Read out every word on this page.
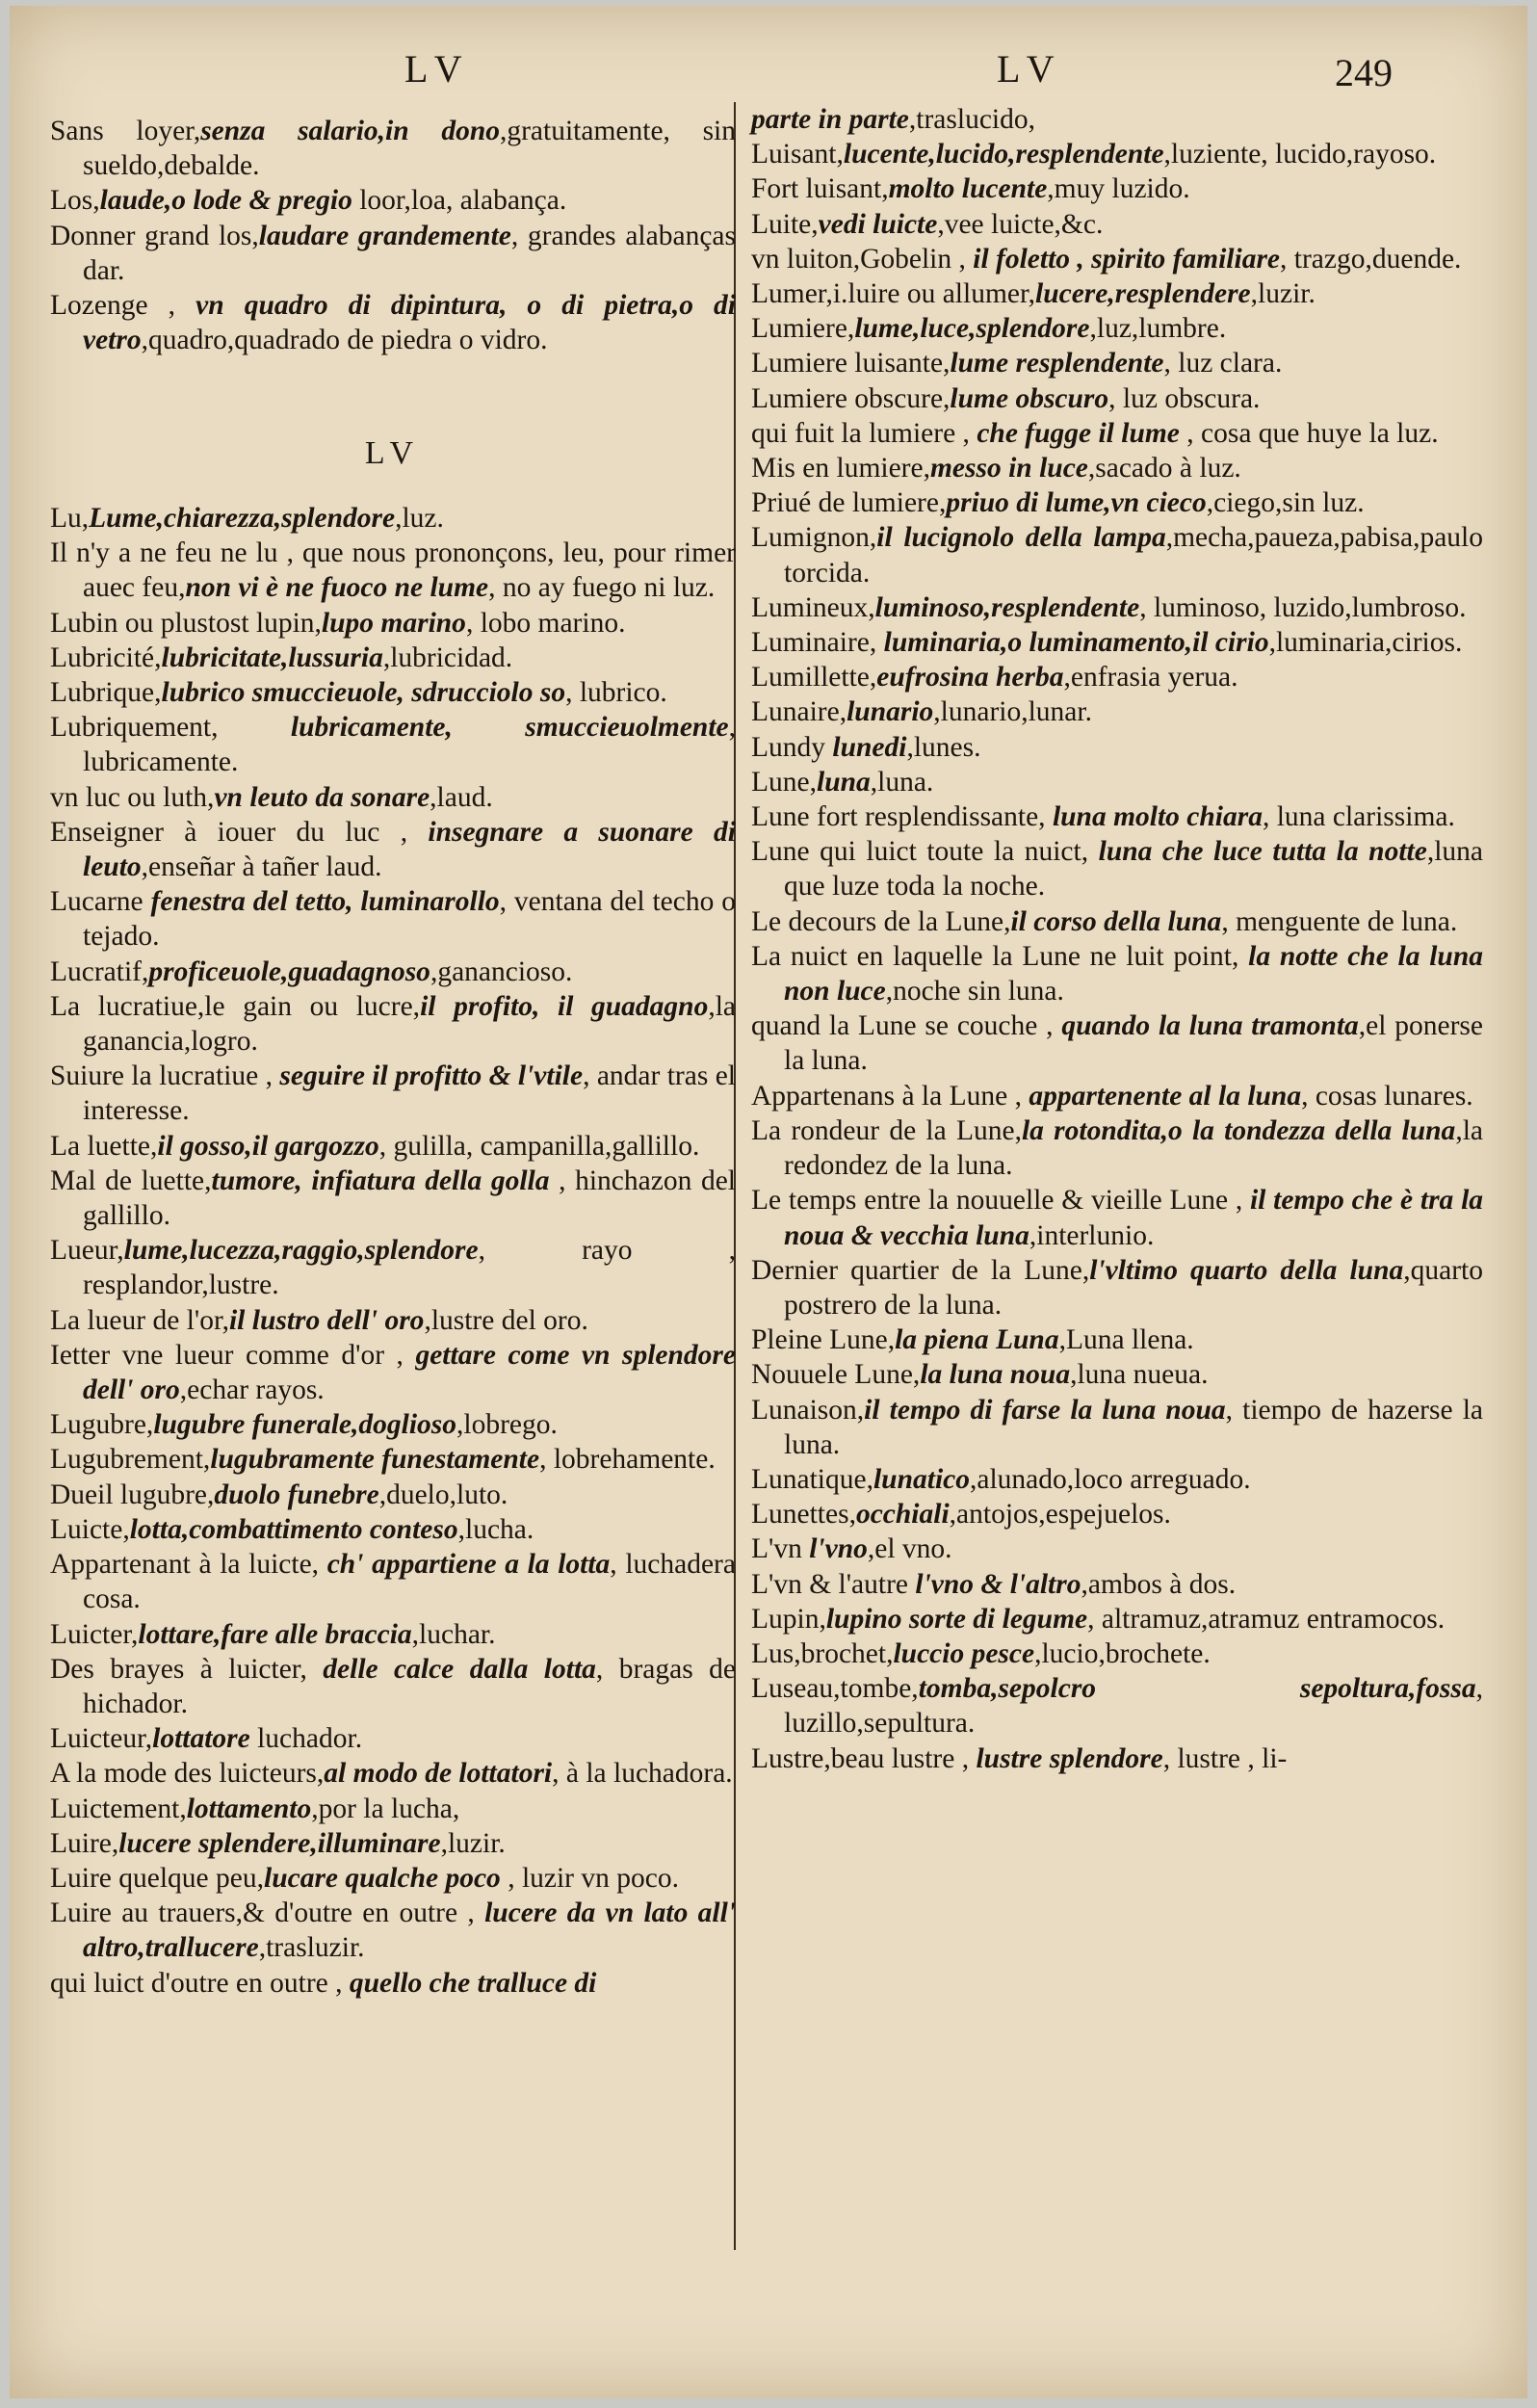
LV	LV	249

Sans loyer,senza salario,in dono,gratuitamente, sin sueldo,debalde.

Los,laude,o lode & pregio loor,loa, alabança.

Donner grand los,laudare grandemente, grandes alabanças dar.

Lozenge , vn quadro di dipintura, o di pietra,o di vetro,quadro,quadrado de piedra o vidro.

LV

Lu,Lume,chiarezza,splendore,luz.

Il n'y a ne feu ne lu , que nous prononçons, leu, pour rimer auec feu,non vi è ne fuoco ne lume, no ay fuego ni luz.

Lubin ou plustost lupin,lupo marino, lobo marino.

Lubricité,lubricitate,lussuria,lubricidad.

Lubrique,lubrico smuccieuole, sdrucciolo so, lubrico.

Lubriquement, lubricamente, smuccieuolmente, lubricamente.

vn luc ou luth,vn leuto da sonare,laud.

Enseigner à iouer du luc , insegnare a suonare di leuto,enseñar à tañer laud.

Lucarne fenestra del tetto, luminarollo, ventana del techo o tejado.

Lucratif,proficeuole,guadagnoso,ganancioso.

La lucratiue,le gain ou lucre,il profito, il guadagno,la ganancia,logro.

Suiure la lucratiue , seguire il profitto & l'vtile, andar tras el interesse.

La luette,il gosso,il gargozzo, gulilla, campanilla,gallillo.

Mal de luette,tumore, infiatura della golla , hinchazon del gallillo.

Lueur,lume,lucezza,raggio,splendore, rayo , resplandor,lustre.

La lueur de l'or,il lustro dell' oro,lustre del oro.

Ietter vne lueur comme d'or , gettare come vn splendore dell' oro,echar rayos.

Lugubre,lugubre funerale,doglioso,lobrego.

Lugubrement,lugubramente funestamente, lobrehamente.

Dueil lugubre,duolo funebre,duelo,luto.

Luicte,lotta,combattimento conteso,lucha.

Appartenant à la luicte, ch' appartiene a la lotta, luchadera cosa.

Luicter,lottare,fare alle braccia,luchar.

Des brayes à luicter, delle calce dalla lotta, bragas de hichador.

Luicteur,lottatore luchador.

A la mode des luicteurs,al modo de lottatori, à la luchadora.

Luictement,lottamento,por la lucha,

Luire,lucere splendere,illuminare,luzir.

Luire quelque peu,lucare qualche poco , luzir vn poco.

Luire au trauers,& d'outre en outre , lucere da vn lato all' altro,trallucere,trasluzir.

qui luict d'outre en outre , quello che tralluce di

parte in parte,traslucido,

Luisant,lucente,lucido,resplendente,luziente, lucido,rayoso.

Fort luisant,molto lucente,muy luzido.

Luite,vedi luicte,vee luicte,&c.

vn luiton,Gobelin , il foletto , spirito familiare, trazgo,duende.

Lumer,i.luire ou allumer,lucere,resplendere,luzir.

Lumiere,lume,luce,splendore,luz,lumbre.

Lumiere luisante,lume resplendente, luz clara.

Lumiere obscure,lume obscuro, luz obscura.

qui fuit la lumiere , che fugge il lume , cosa que huye la luz.

Mis en lumiere,messo in luce,sacado à luz.

Priué de lumiere,priuo di lume,vn cieco,ciego,sin luz.

Lumignon,il lucignolo della lampa,mecha,paueza,pabisa,paulo torcida.

Lumineux,luminoso,resplendente, luminoso, luzido,lumbroso.

Luminaire, luminaria,o luminamento,il cirio,luminaria,cirios.

Lumillette,eufrosina herba,enfrasia yerua.

Lunaire,lunario,lunario,lunar.

Lundy lunedi,lunes.

Lune,luna,luna.

Lune fort resplendissante, luna molto chiara, luna clarissima.

Lune qui luict toute la nuict, luna che luce tutta la notte,luna que luze toda la noche.

Le decours de la Lune,il corso della luna, menguente de luna.

La nuict en laquelle la Lune ne luit point, la notte che la luna non luce,noche sin luna.

quand la Lune se couche , quando la luna tramonta,el ponerse la luna.

Appartenans à la Lune , appartenente al la luna, cosas lunares.

La rondeur de la Lune,la rotondita,o la tondezza della luna,la redondez de la luna.

Le temps entre la nouuelle & vieille Lune , il tempo che è tra la noua & vecchia luna,interlunio.

Dernier quartier de la Lune,l'vltimo quarto della luna,quarto postrero de la luna.

Pleine Lune,la piena Luna,Luna llena.

Nouuele Lune,la luna noua,luna nueua.

Lunaison,il tempo di farse la luna noua, tiempo de hazerse la luna.

Lunatique,lunatico,alunado,loco arreguado.

Lunettes,occhiali,antojos,espejuelos.

L'vn l'vno,el vno.

L'vn & l'autre l'vno & l'altro,ambos à dos.

Lupin,lupino sorte di legume, altramuz,atramuz entramocos.

Lus,brochet,luccio pesce,lucio,brochete.

Luseau,tombe,tomba,sepolcro sepoltura,fossa, luzillo,sepultura.

Lustre,beau lustre , lustre splendore, lustre , li-
